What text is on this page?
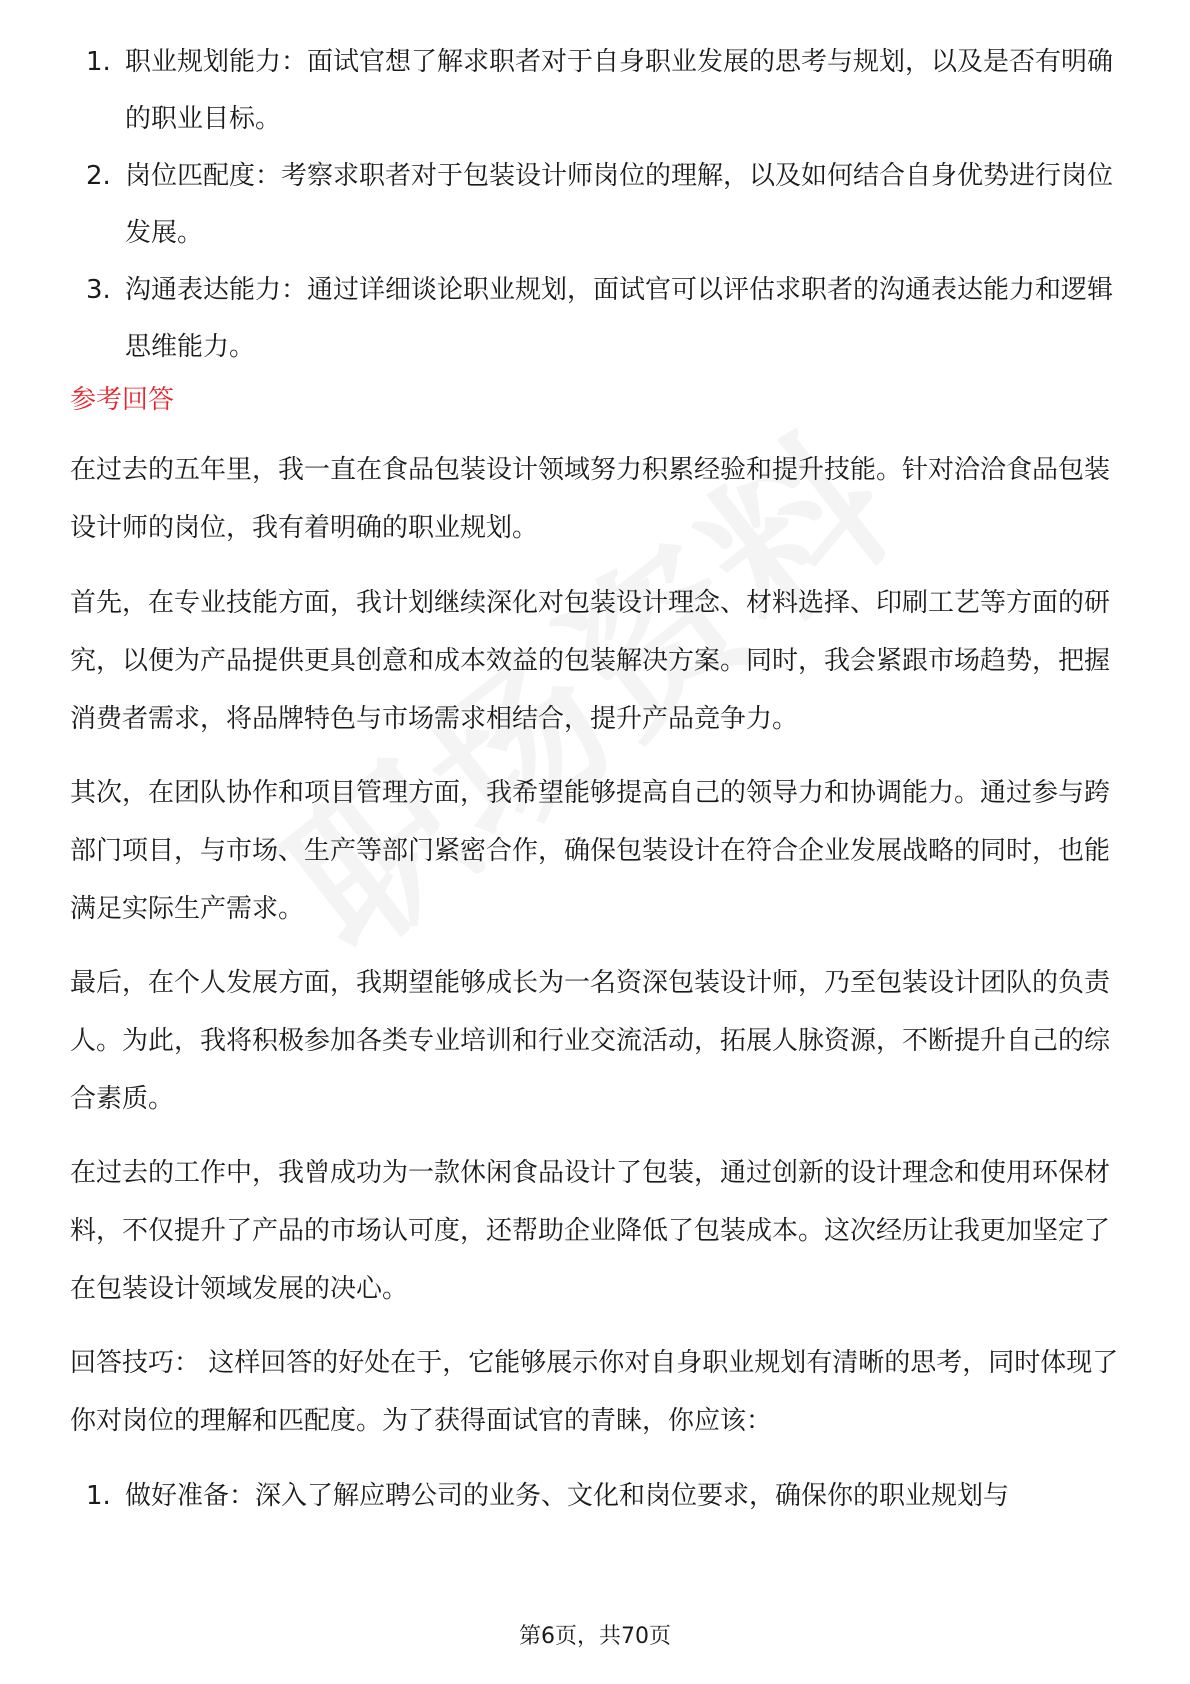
1. 职业规划能力：面试官想了解求职者对于自身职业发展的思考与规划，以及是否有明确的职业目标。
2. 岗位匹配度：考察求职者对于包装设计师岗位的理解，以及如何结合自身优势进行岗位发展。
3. 沟通表达能力：通过详细谈论职业规划，面试官可以评估求职者的沟通表达能力和逻辑思维能力。
参考回答

在过去的五年里，我一直在食品包装设计领域努力积累经验和提升技能。针对洽洽食品包装设计师的岗位，我有着明确的职业规划。

首先，在专业技能方面，我计划继续深化对包装设计理念、材料选择、印刷工艺等方面的研究，以便为产品提供更具创意和成本效益的包装解决方案。同时，我会紧跟市场趋势，把握消费者需求，将品牌特色与市场需求相结合，提升产品竞争力。

其次，在团队协作和项目管理方面，我希望能够提高自己的领导力和协调能力。通过参与跨部门项目，与市场、生产等部门紧密合作，确保包装设计在符合企业发展战略的同时，也能满足实际生产需求。

最后，在个人发展方面，我期望能够成长为一名资深包装设计师，乃至包装设计团队的负责人。为此，我将积极参加各类专业培训和行业交流活动，拓展人脉资源，不断提升自己的综合素质。

在过去的工作中，我曾成功为一款休闲食品设计了包装，通过创新的设计理念和使用环保材料，不仅提升了产品的市场认可度，还帮助企业降低了包装成本。这次经历让我更加坚定了在包装设计领域发展的决心。

回答技巧： 这样回答的好处在于，它能够展示你对自身职业规划有清晰的思考，同时体现了你对岗位的理解和匹配度。为了获得面试官的青睐，你应该：

1. 做好准备：深入了解应聘公司的业务、文化和岗位要求，确保你的职业规划与
第6页，共70页
